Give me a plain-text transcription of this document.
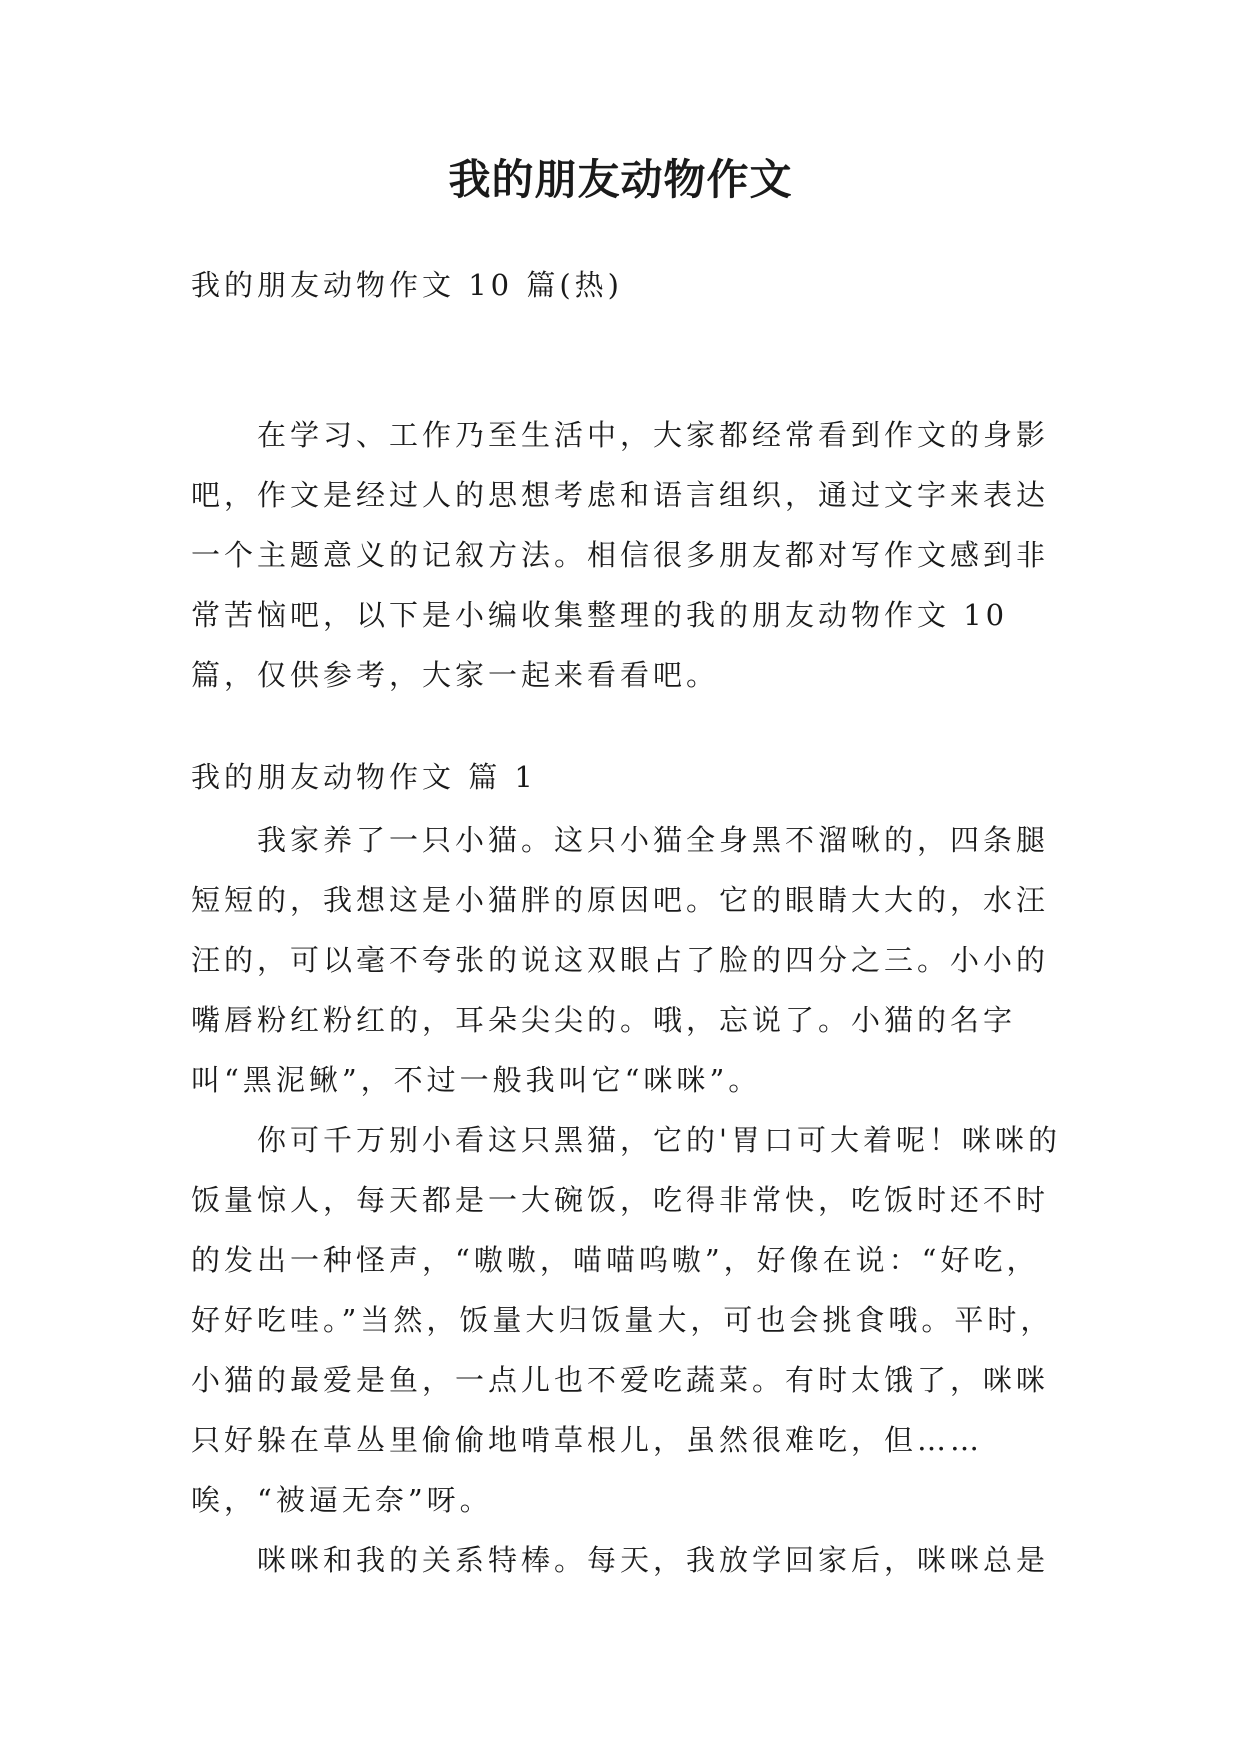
我的朋友动物作文
我的朋友动物作文 10 篇(热)

在学习、工作乃至生活中，大家都经常看到作文的身影吧，作文是经过人的思想考虑和语言组织，通过文字来表达一个主题意义的记叙方法。相信很多朋友都对写作文感到非常苦恼吧，以下是小编收集整理的我的朋友动物作文 10 篇，仅供参考，大家一起来看看吧。

我的朋友动物作文 篇 1

我家养了一只小猫。这只小猫全身黑不溜啾的，四条腿短短的，我想这是小猫胖的原因吧。它的眼睛大大的，水汪汪的，可以毫不夸张的说这双眼占了脸的四分之三。小小的嘴唇粉红粉红的，耳朵尖尖的。哦，忘说了。小猫的名字叫“黑泥鳅”，不过一般我叫它“咪咪”。

你可千万别小看这只黑猫，它的'胃口可大着呢！咪咪的饭量惊人，每天都是一大碗饭，吃得非常快，吃饭时还不时的发出一种怪声，“嗷嗷，喵喵呜嗷”，好像在说：“好吃，好好吃哇。”当然，饭量大归饭量大，可也会挑食哦。平时，小猫的最爱是鱼，一点儿也不爱吃蔬菜。有时太饿了，咪咪只好躲在草丛里偷偷地啃草根儿，虽然很难吃，但……唉，“被逼无奈”呀。

咪咪和我的关系特棒。每天，我放学回家后，咪咪总是
